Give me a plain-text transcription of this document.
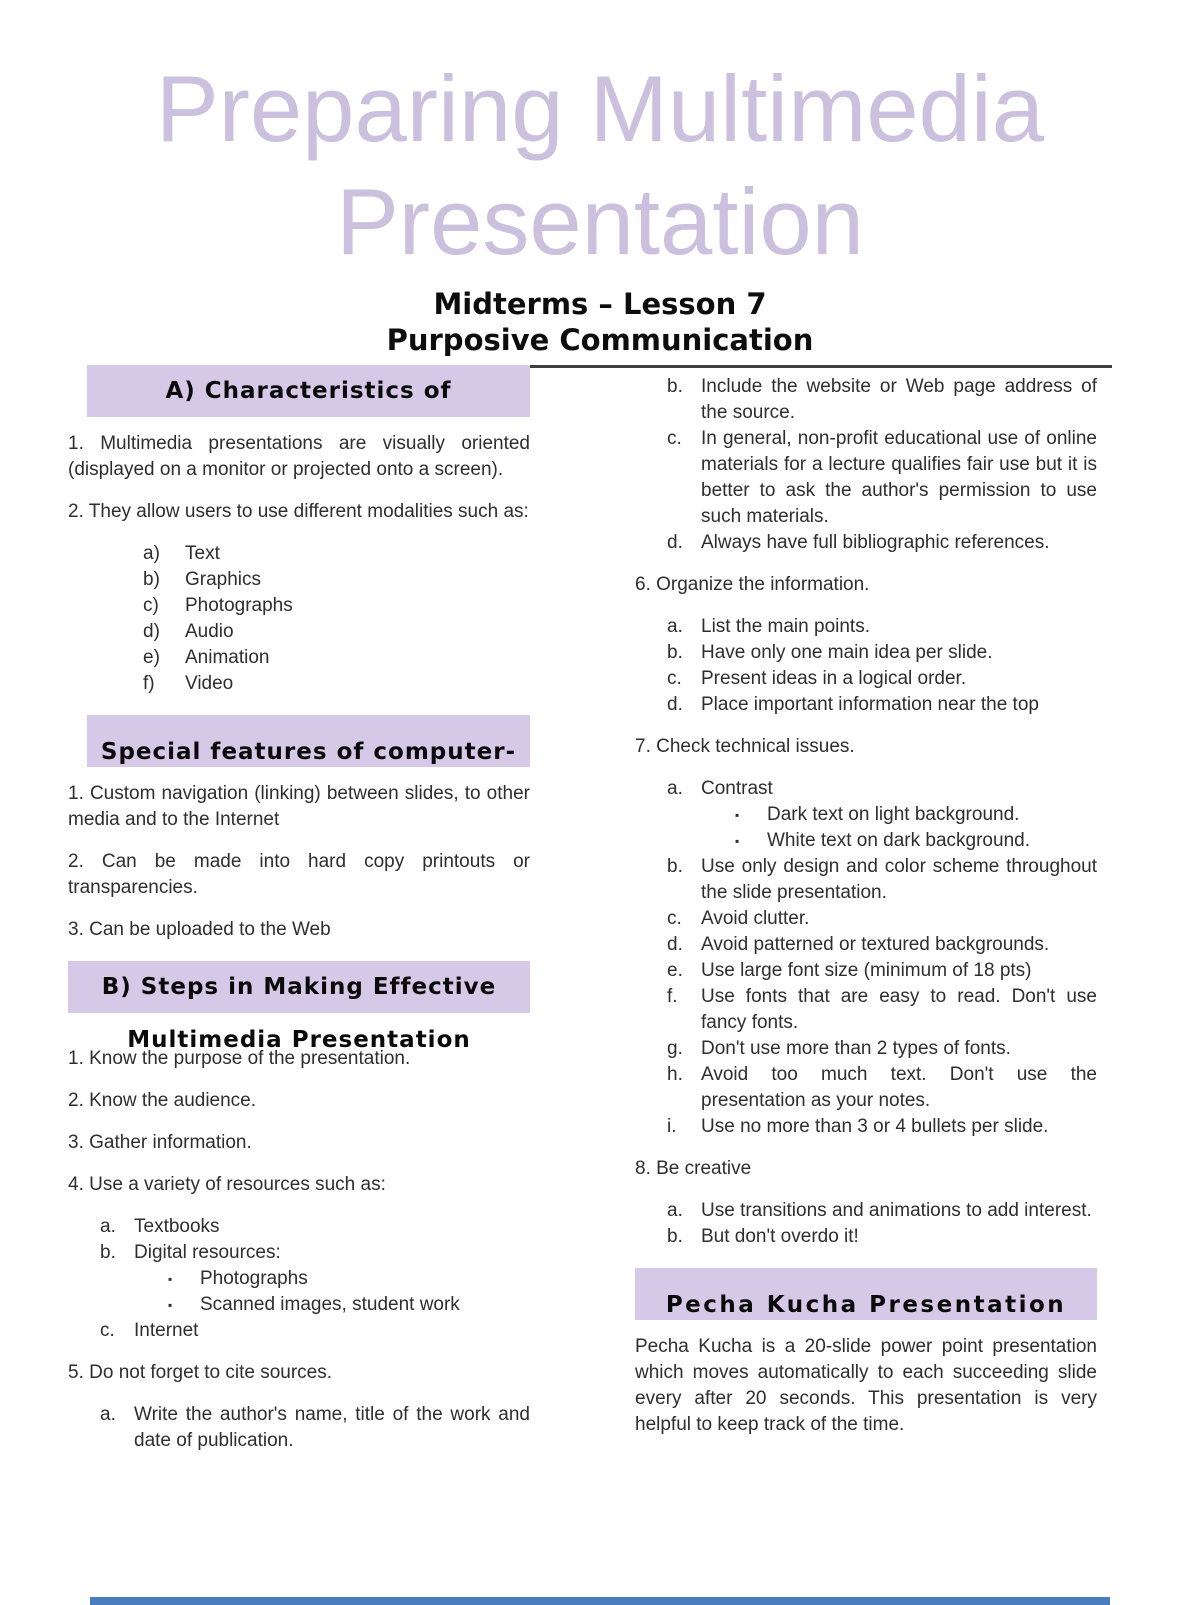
Preparing Multimedia
Presentation
Midterms – Lesson 7
Purposive Communication
A) Characteristics of

1. Multimedia presentations are visually oriented (displayed on a monitor or projected onto a screen).

2. They allow users to use different modalities such as:

a)	Text
b)	Graphics
c)	Photographs
d)	Audio
e)	Animation
f)	Video
Special features of computer-

1. Custom navigation (linking) between slides, to other media and to the Internet

2. Can be made into hard copy printouts or transparencies.

3. Can be uploaded to the Web

B) Steps in Making Effective
Multimedia Presentation

1. Know the purpose of the presentation.

2. Know the audience.

3. Gather information.

4. Use a variety of resources such as:

a. Textbooks
b. Digital resources:
▪	Photographs
▪	Scanned images, student work
c.	Internet

5. Do not forget to cite sources.

a. Write the author's name, title of the work and date of publication.
b. Include the website or Web page address of the source.
c.	In general, non-profit educational use of online materials for a lecture qualifies fair use but it is better to ask the author's permission to use such materials.
d. Always have full bibliographic references.

6. Organize the information.

a. List the main points.
b. Have only one main idea per slide.
c.	Present ideas in a logical order.
d. Place important information near the top

7. Check technical issues.

a. Contrast
▪	Dark text on light background.
▪	White text on dark background.
b. Use only design and color scheme throughout the slide presentation.
c.	Avoid clutter.
d. Avoid patterned or textured backgrounds.
e. Use large font size (minimum of 18 pts)
f.	Use fonts that are easy to read. Don't use fancy fonts.
g. Don't use more than 2 types of fonts.
h. Avoid too much text. Don't use the presentation as your notes.
i.	Use no more than 3 or 4 bullets per slide.

8. Be creative

a. Use transitions and animations to add interest.
b. But don't overdo it!
Pecha Kucha Presentation

Pecha Kucha is a 20-slide power point presentation which moves automatically to each succeeding slide every after 20 seconds. This presentation is very helpful to keep track of the time.
